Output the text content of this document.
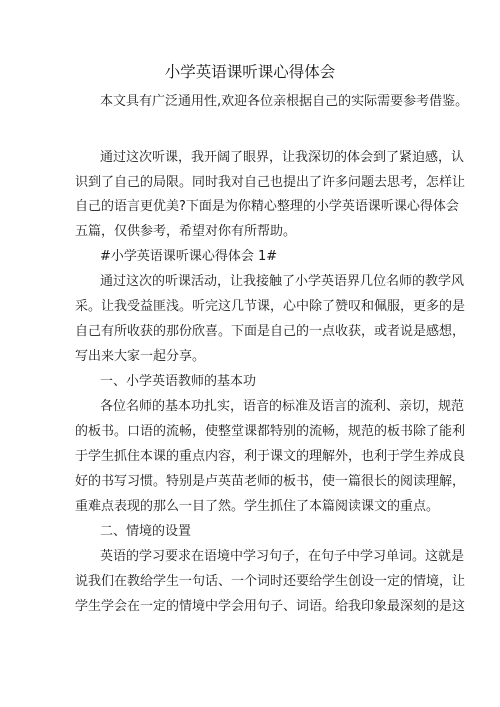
小学英语课听课心得体会
本文具有广泛通用性,欢迎各位亲根据自己的实际需要参考借鉴。
通过这次听课，我开阔了眼界，让我深切的体会到了紧迫感，认
识到了自己的局限。同时我对自己也提出了许多问题去思考，怎样让
自己的语言更优美?下面是为你精心整理的小学英语课听课心得体会
五篇，仅供参考，希望对你有所帮助。
#小学英语课听课心得体会 1#
通过这次的听课活动，让我接触了小学英语界几位名师的教学风
采。让我受益匪浅。听完这几节课，心中除了赞叹和佩服，更多的是
自己有所收获的那份欣喜。下面是自己的一点收获，或者说是感想，
写出来大家一起分享。
一、小学英语教师的基本功
各位名师的基本功扎实，语音的标准及语言的流利、亲切，规范
的板书。口语的流畅，使整堂课都特别的流畅，规范的板书除了能利
于学生抓住本课的重点内容，利于课文的理解外，也利于学生养成良
好的书写习惯。特别是卢英苗老师的板书，使一篇很长的阅读理解，
重难点表现的那么一目了然。学生抓住了本篇阅读课文的重点。
二、情境的设置
英语的学习要求在语境中学习句子，在句子中学习单词。这就是
说我们在教给学生一句话、一个词时还要给学生创设一定的情境，让
学生学会在一定的情境中学会用句子、词语。给我印象最深刻的是这
